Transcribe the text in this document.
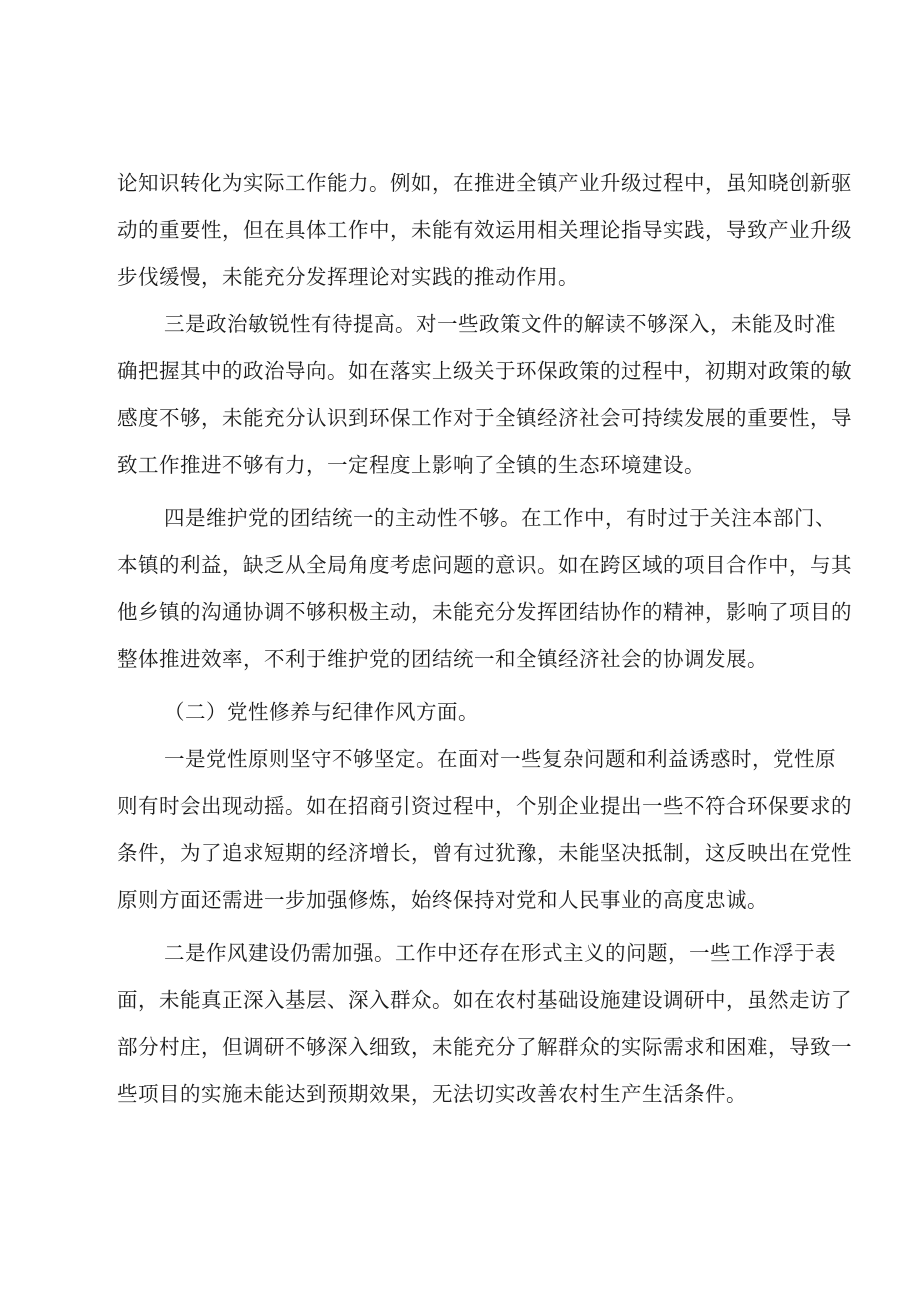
论知识转化为实际工作能力。例如，在推进全镇产业升级过程中，虽知晓创新驱
动的重要性，但在具体工作中，未能有效运用相关理论指导实践，导致产业升级
步伐缓慢，未能充分发挥理论对实践的推动作用。
三是政治敏锐性有待提高。对一些政策文件的解读不够深入，未能及时准
确把握其中的政治导向。如在落实上级关于环保政策的过程中，初期对政策的敏
感度不够，未能充分认识到环保工作对于全镇经济社会可持续发展的重要性，导
致工作推进不够有力，一定程度上影响了全镇的生态环境建设。
四是维护党的团结统一的主动性不够。在工作中，有时过于关注本部门、
本镇的利益，缺乏从全局角度考虑问题的意识。如在跨区域的项目合作中，与其
他乡镇的沟通协调不够积极主动，未能充分发挥团结协作的精神，影响了项目的
整体推进效率，不利于维护党的团结统一和全镇经济社会的协调发展。
（二）党性修养与纪律作风方面。
一是党性原则坚守不够坚定。在面对一些复杂问题和利益诱惑时，党性原
则有时会出现动摇。如在招商引资过程中，个别企业提出一些不符合环保要求的
条件，为了追求短期的经济增长，曾有过犹豫，未能坚决抵制，这反映出在党性
原则方面还需进一步加强修炼，始终保持对党和人民事业的高度忠诚。
二是作风建设仍需加强。工作中还存在形式主义的问题，一些工作浮于表
面，未能真正深入基层、深入群众。如在农村基础设施建设调研中，虽然走访了
部分村庄，但调研不够深入细致，未能充分了解群众的实际需求和困难，导致一
些项目的实施未能达到预期效果，无法切实改善农村生产生活条件。
